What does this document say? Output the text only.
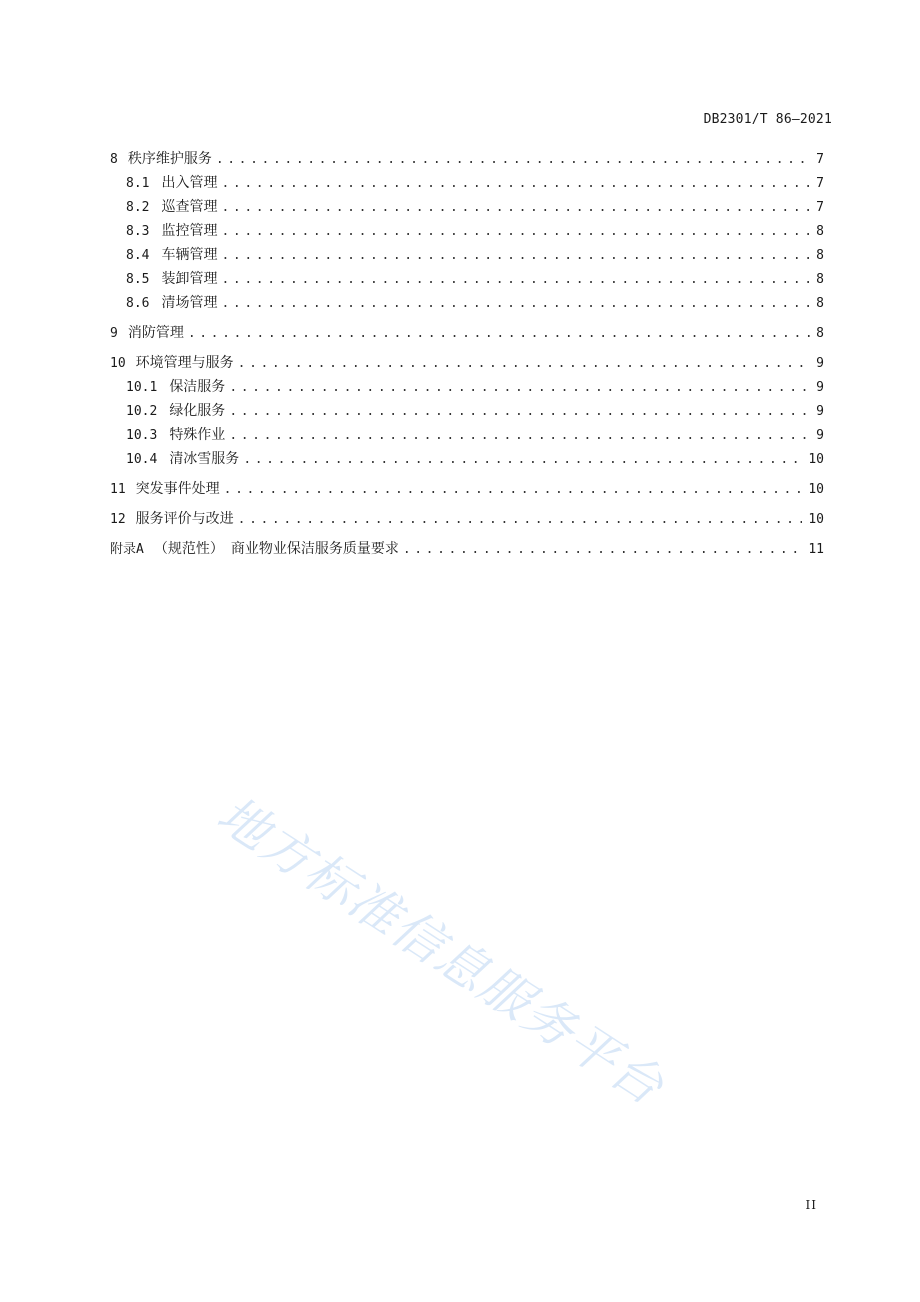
DB2301/T 86—2021
8 秩序维护服务 .....	7
8.1 出入管理 .....	7
8.2 巡查管理 .....	7
8.3 监控管理 .....	8
8.4 车辆管理 .....	8
8.5 装卸管理 .....	8
8.6 清场管理 .....	8
9 消防管理 .....	8
10 环境管理与服务 .....	9
10.1 保洁服务 .....	9
10.2 绿化服务 .....	9
10.3 特殊作业 .....	9
10.4 清冰雪服务 .....	10
11 突发事件处理 .....	10
12 服务评价与改进 .....	10
附录A （规范性）　商业物业保洁服务质量要求 .....	11
地方标准信息服务平台
II
